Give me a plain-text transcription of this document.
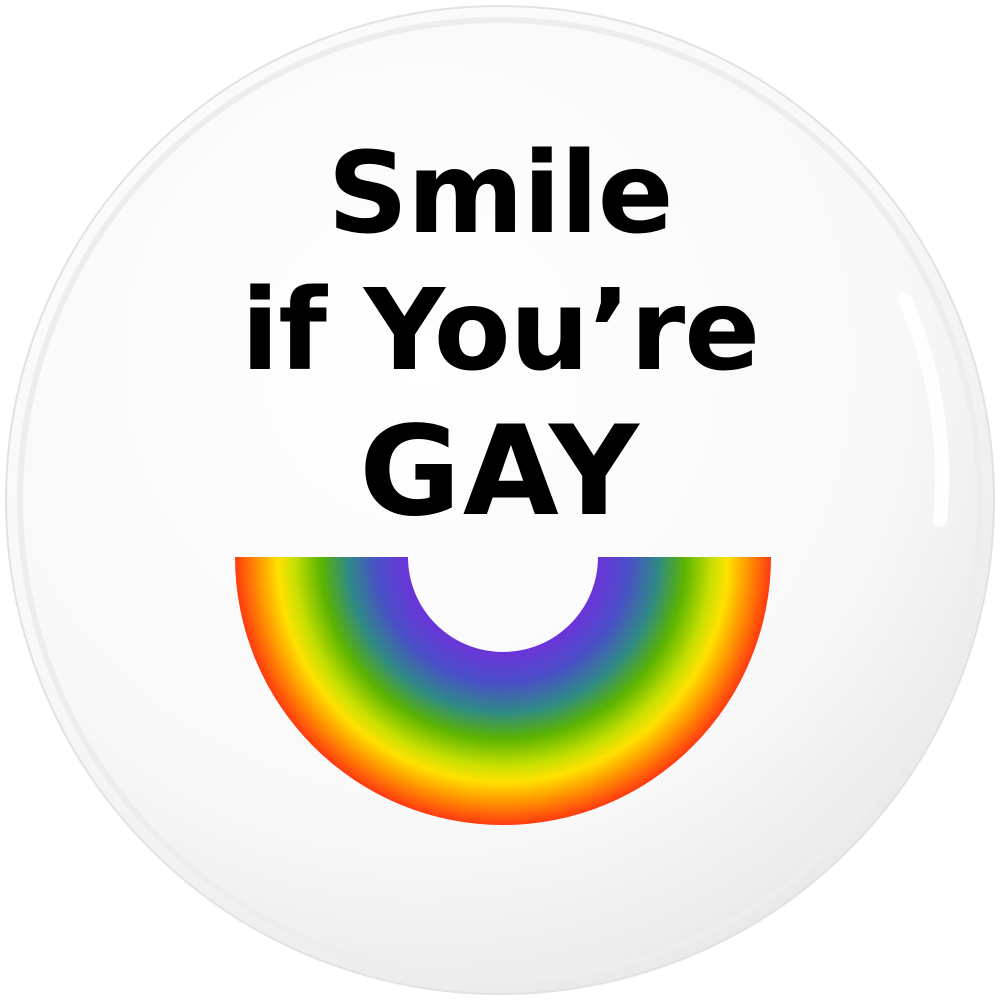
Smile
if You’re
GAY
